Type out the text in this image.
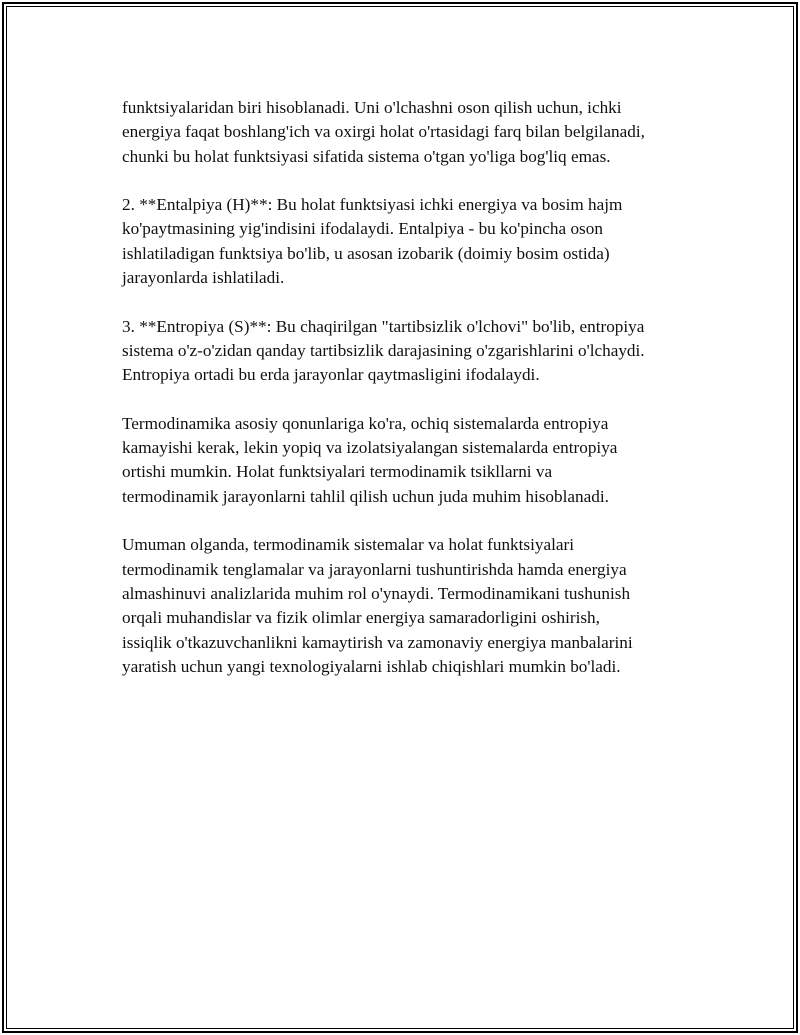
funktsiyalaridan biri hisoblanadi. Uni o'lchashni oson qilish uchun, ichki
energiya faqat boshlang'ich va oxirgi holat o'rtasidagi farq bilan belgilanadi,
chunki bu holat funktsiyasi sifatida sistema o'tgan yo'liga bog'liq emas.
2. **Entalpiya (H)**: Bu holat funktsiyasi ichki energiya va bosim hajm
ko'paytmasining yig'indisini ifodalaydi. Entalpiya - bu ko'pincha oson
ishlatiladigan funktsiya bo'lib, u asosan izobarik (doimiy bosim ostida)
jarayonlarda ishlatiladi.
3. **Entropiya (S)**: Bu chaqirilgan "tartibsizlik o'lchovi" bo'lib, entropiya
sistema o'z-o'zidan qanday tartibsizlik darajasining o'zgarishlarini o'lchaydi.
Entropiya ortadi bu erda jarayonlar qaytmasligini ifodalaydi.
Termodinamika asosiy qonunlariga ko'ra, ochiq sistemalarda entropiya
kamayishi kerak, lekin yopiq va izolatsiyalangan sistemalarda entropiya
ortishi mumkin. Holat funktsiyalari termodinamik tsikllarni va
termodinamik jarayonlarni tahlil qilish uchun juda muhim hisoblanadi.
Umuman olganda, termodinamik sistemalar va holat funktsiyalari
termodinamik tenglamalar va jarayonlarni tushuntirishda hamda energiya
almashinuvi analizlarida muhim rol o'ynaydi. Termodinamikani tushunish
orqali muhandislar va fizik olimlar energiya samaradorligini oshirish,
issiqlik o'tkazuvchanlikni kamaytirish va zamonaviy energiya manbalarini
yaratish uchun yangi texnologiyalarni ishlab chiqishlari mumkin bo'ladi.
